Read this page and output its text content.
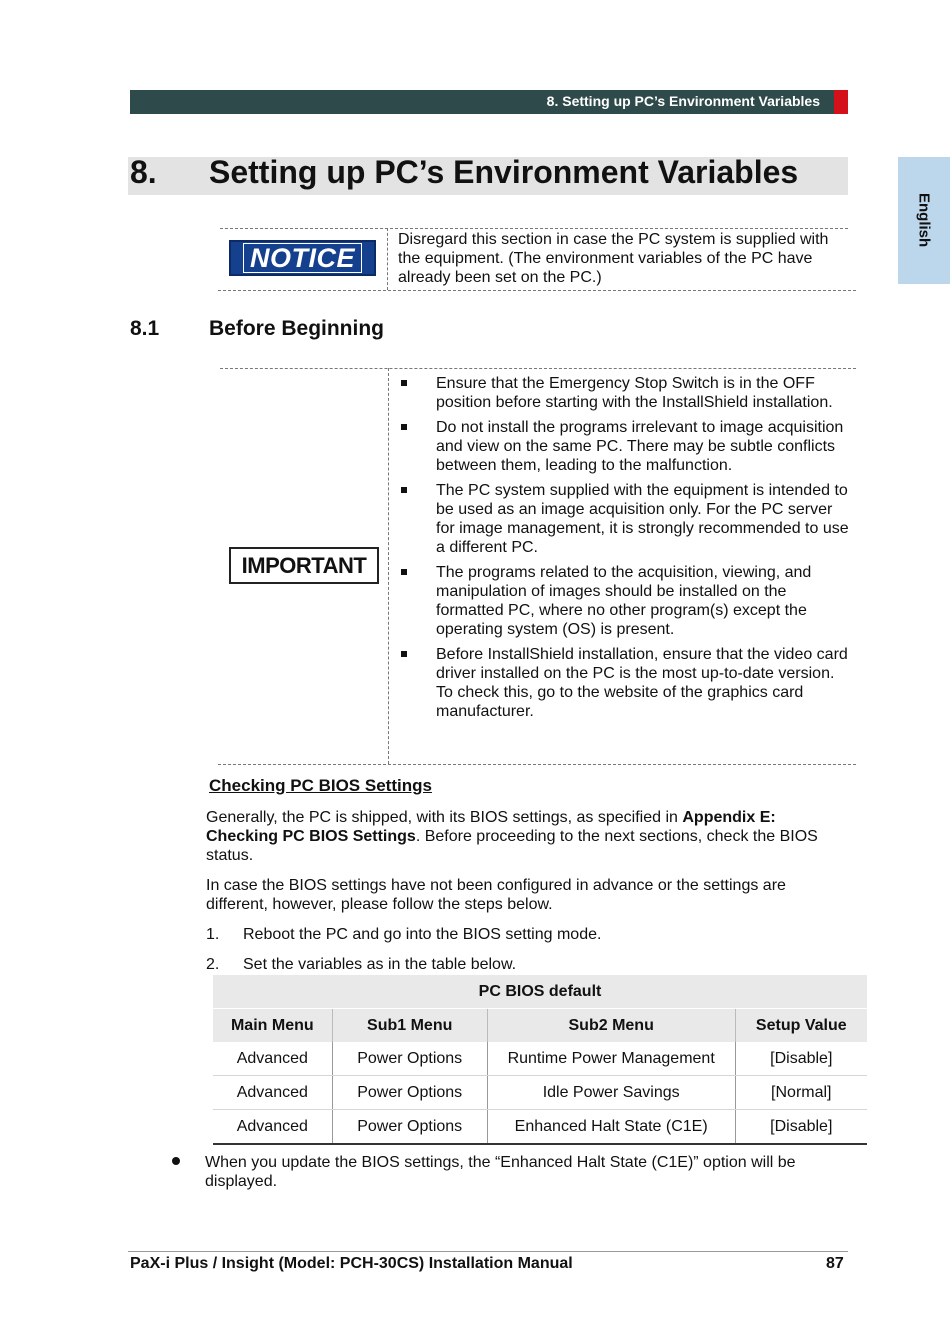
8. Setting up PC’s Environment Variables
English
8. Setting up PC’s Environment Variables
NOTICE
Disregard this section in case the PC system is supplied with the equipment. (The environment variables of the PC have already been set on the PC.)
8.1 Before Beginning
IMPORTANT
Ensure that the Emergency Stop Switch is in the OFF position before starting with the InstallShield installation.
Do not install the programs irrelevant to image acquisition and view on the same PC. There may be subtle conflicts between them, leading to the malfunction.
The PC system supplied with the equipment is intended to be used as an image acquisition only. For the PC server for image management, it is strongly recommended to use a different PC.
The programs related to the acquisition, viewing, and manipulation of images should be installed on the formatted PC, where no other program(s) except the operating system (OS) is present.
Before InstallShield installation, ensure that the video card driver installed on the PC is the most up-to-date version. To check this, go to the website of the graphics card manufacturer.
Checking PC BIOS Settings
Generally, the PC is shipped, with its BIOS settings, as specified in Appendix E: Checking PC BIOS Settings. Before proceeding to the next sections, check the BIOS status.
In case the BIOS settings have not been configured in advance or the settings are different, however, please follow the steps below.
1. Reboot the PC and go into the BIOS setting mode.
2. Set the variables as in the table below.
PC BIOS default			
Main Menu	Sub1 Menu	Sub2 Menu	Setup Value
Advanced	Power Options	Runtime Power Management	[Disable]
Advanced	Power Options	Idle Power Savings	[Normal]
Advanced	Power Options	Enhanced Halt State (C1E)	[Disable]
When you update the BIOS settings, the “Enhanced Halt State (C1E)” option will be displayed.
PaX-i Plus / Insight (Model: PCH-30CS) Installation Manual	87
